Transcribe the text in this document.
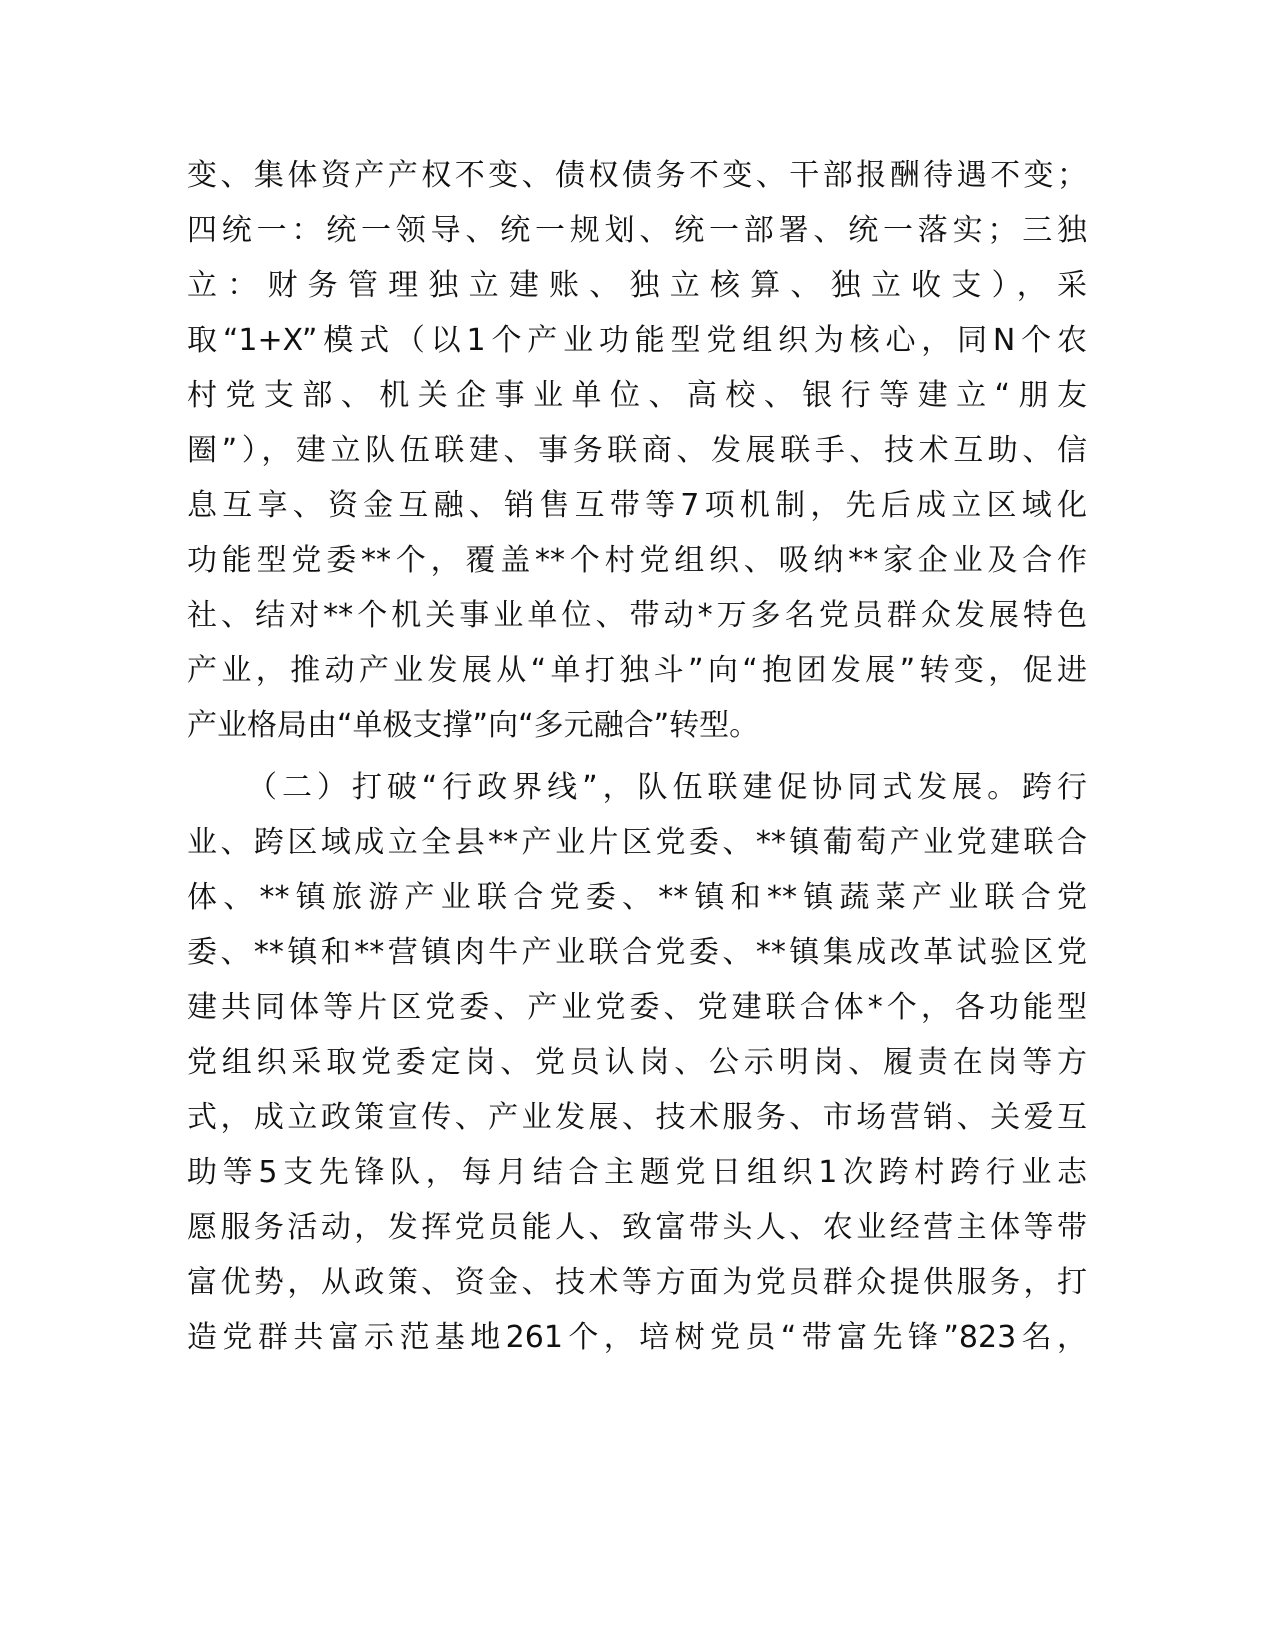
变、集体资产产权不变、债权债务不变、干部报酬待遇不变；
四统一：统一领导、统一规划、统一部署、统一落实；三独
立：财务管理独立建账、独立核算、独立收支），采
取“1+X”模式（以1个产业功能型党组织为核心，同N个农
村党支部、机关企事业单位、高校、银行等建立“朋友
圈”），建立队伍联建、事务联商、发展联手、技术互助、信
息互享、资金互融、销售互带等7项机制，先后成立区域化
功能型党委**个，覆盖**个村党组织、吸纳**家企业及合作
社、结对**个机关事业单位、带动*万多名党员群众发展特色
产业，推动产业发展从“单打独斗”向“抱团发展”转变，促进
产业格局由“单极支撑”向“多元融合”转型。
（二）打破“行政界线”，队伍联建促协同式发展。跨行
业、跨区域成立全县**产业片区党委、**镇葡萄产业党建联合
体、**镇旅游产业联合党委、**镇和**镇蔬菜产业联合党
委、**镇和**营镇肉牛产业联合党委、**镇集成改革试验区党
建共同体等片区党委、产业党委、党建联合体*个，各功能型
党组织采取党委定岗、党员认岗、公示明岗、履责在岗等方
式，成立政策宣传、产业发展、技术服务、市场营销、关爱互
助等5支先锋队，每月结合主题党日组织1次跨村跨行业志
愿服务活动，发挥党员能人、致富带头人、农业经营主体等带
富优势，从政策、资金、技术等方面为党员群众提供服务，打
造党群共富示范基地261个，培树党员“带富先锋”823名，
